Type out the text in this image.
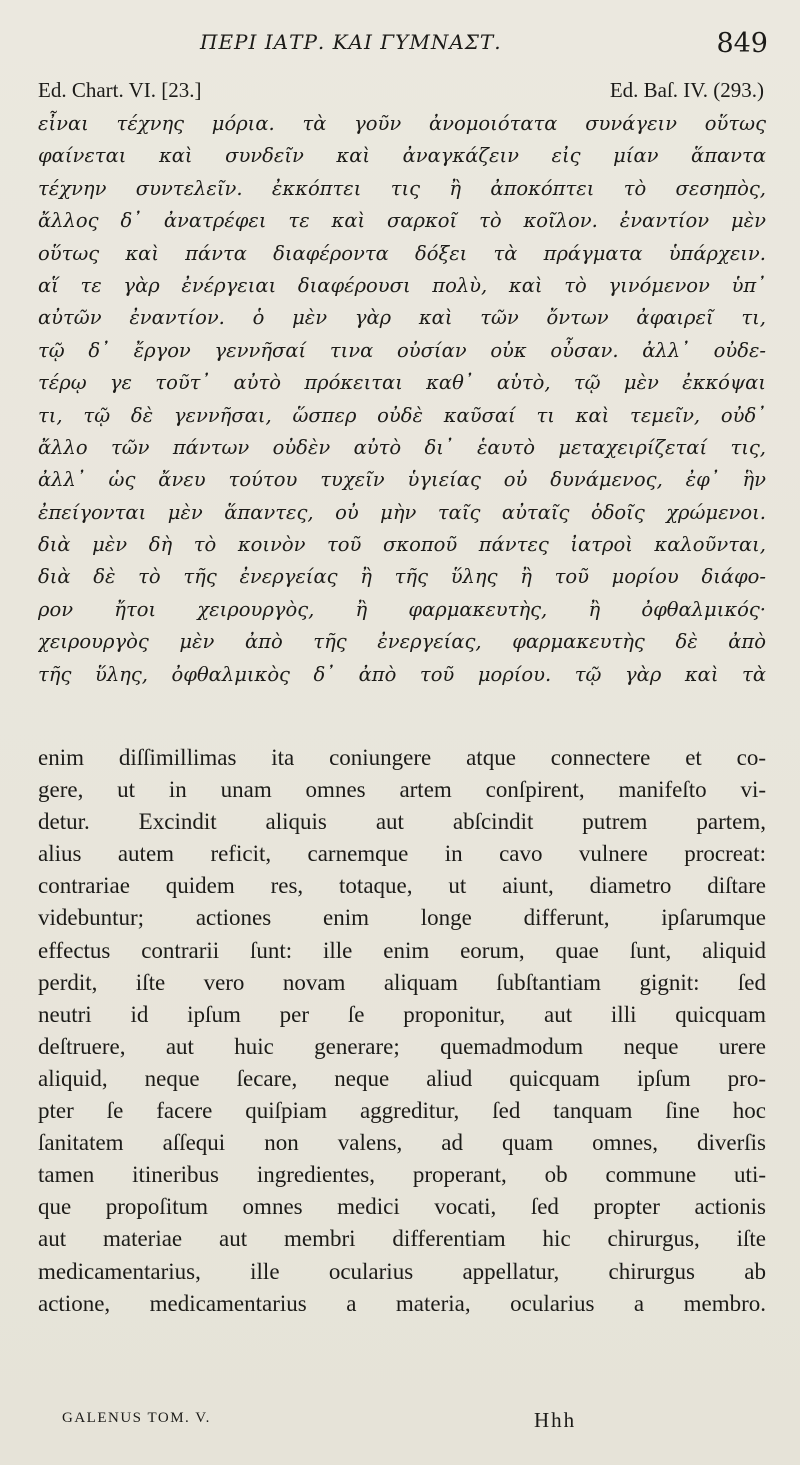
ΠΕΡΙ ΙΑΤΡ. ΚΑΙ ΓΥΜΝΑΣΤ.	849
Ed. Chart. VI. [23.]	Ed. Baſ. IV. (293.)
εἶναι τέχνης μόρια. τὰ γοῦν ἀνομοιότατα συνάγειν οὕτως
φαίνεται καὶ συνδεῖν καὶ ἀναγκάζειν εἰς μίαν ἅπαντα
τέχνην συντελεῖν. ἐκκόπτει τις ἢ ἀποκόπτει τὸ σεσηπὸς,
ἄλλος δ᾽ ἀνατρέφει τε καὶ σαρκοῖ τὸ κοῖλον. ἐναντίον μὲν
οὕτως καὶ πάντα διαφέροντα δόξει τὰ πράγματα ὑπάρχειν.
αἵ τε γὰρ ἐνέργειαι διαφέρουσι πολὺ, καὶ τὸ γινόμενον ὑπ᾽
αὐτῶν ἐναντίον. ὁ μὲν γὰρ καὶ τῶν ὄντων ἀφαιρεῖ τι,
τῷ δ᾽ ἔργον γεννῆσαί τινα οὐσίαν οὐκ οὖσαν. ἀλλ᾽ οὐδε-
τέρῳ γε τοῦτ᾽ αὐτὸ πρόκειται καθ᾽ αὑτὸ, τῷ μὲν ἐκκόψαι
τι, τῷ δὲ γεννῆσαι, ὥσπερ οὐδὲ καῦσαί τι καὶ τεμεῖν, οὐδ᾽
ἄλλο τῶν πάντων οὐδὲν αὐτὸ δι᾽ ἑαυτὸ μεταχειρίζεταί τις,
ἀλλ᾽ ὡς ἄνευ τούτου τυχεῖν ὑγιείας οὐ δυνάμενος, ἐφ᾽ ἣν
ἐπείγονται μὲν ἅπαντες, οὐ μὴν ταῖς αὐταῖς ὁδοῖς χρώμενοι.
διὰ μὲν δὴ τὸ κοινὸν τοῦ σκοποῦ πάντες ἰατροὶ καλοῦνται,
διὰ δὲ τὸ τῆς ἐνεργείας ἢ τῆς ὕλης ἢ τοῦ μορίου διάφο-
ρον ἤτοι χειρουργὸς, ἢ φαρμακευτὴς, ἢ ὀφθαλμικός·
χειρουργὸς μὲν ἀπὸ τῆς ἐνεργείας, φαρμακευτὴς δὲ ἀπὸ
τῆς ὕλης, ὀφθαλμικὸς δ᾽ ἀπὸ τοῦ μορίου. τῷ γὰρ καὶ τὰ
enim diſſimillimas ita coniungere atque connectere et co-
gere, ut in unam omnes artem conſpirent, manifeſto vi-
detur. Excindit aliquis aut abſcindit putrem partem,
alius autem reficit, carnemque in cavo vulnere procreat:
contrariae quidem res, totaque, ut aiunt, diametro diſtare
videbuntur; actiones enim longe differunt, ipſarumque
effectus contrarii ſunt: ille enim eorum, quae ſunt, aliquid
perdit, iſte vero novam aliquam ſubſtantiam gignit: ſed
neutri id ipſum per ſe proponitur, aut illi quicquam
deſtruere, aut huic generare; quemadmodum neque urere
aliquid, neque ſecare, neque aliud quicquam ipſum pro-
pter ſe facere quiſpiam aggreditur, ſed tanquam ſine hoc
ſanitatem aſſequi non valens, ad quam omnes, diverſis
tamen itineribus ingredientes, properant, ob commune uti-
que propoſitum omnes medici vocati, ſed propter actionis
aut materiae aut membri differentiam hic chirurgus, iſte
medicamentarius, ille ocularius appellatur, chirurgus ab
actione, medicamentarius a materia, ocularius a membro.
GALENUS TOM. V.	Hhh
